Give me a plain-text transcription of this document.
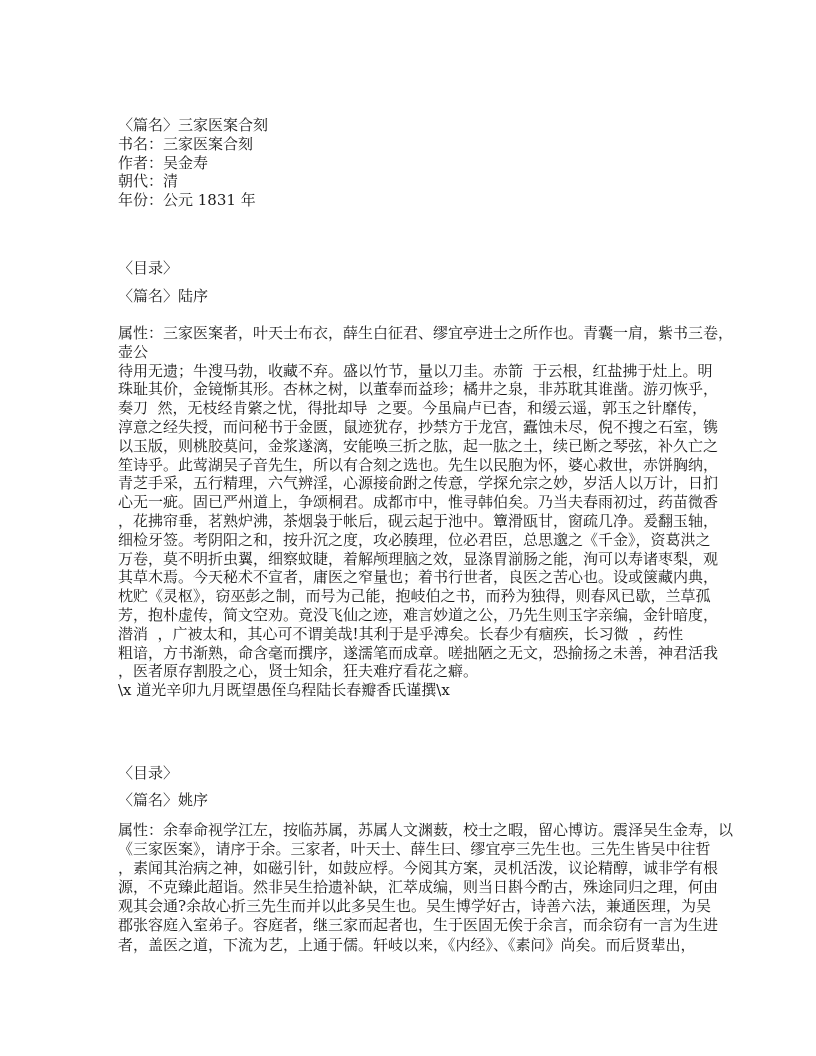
〈篇名〉三家医案合刻
书名：三家医案合刻
作者：吴金寿
朝代：清
年份：公元 1831 年
〈目录〉
〈篇名〉陆序
属性：三家医案者，叶天士布衣，薛生白征君、缪宜亭进士之所作也。青囊一肩，紫书三卷，
壶公
待用无遗；牛溲马勃，收藏不弃。盛以竹节，量以刀圭。赤箭  于云根，红盐拂于灶上。明
珠耻其价，金镜惭其形。杏林之树，以董奉而益珍；橘井之泉，非苏耽其谁凿。游刃恢乎，
奏刀  然，无枝经肯綮之忧，得批却导  之要。今虽扁卢已杳，和缓云遥，郭玉之针靡传，
淳意之经失授，而问秘书于金匮，鼠迹犹存，抄禁方于龙宫，蠹蚀未尽，倪不搜之石室，镌
以玉版，则桃胶莫问，金浆遂漓，安能唤三折之肱，起一肱之土，续已断之琴弦，补久亡之
笙诗乎。此莺湖吴子音先生，所以有合刻之选也。先生以民胞为怀，婆心救世，赤饼胸纳，
青芝手采，五行精理，六气辨淫，心源接俞跗之传意，学探允宗之妙，岁活人以万计，日扪
心无一疵。固已严州道上，争颂桐君。成都市中，惟寻韩伯矣。乃当夫春雨初过，药苗微香
，花拂帘垂，茗熟炉沸，茶烟袅于帐后，砚云起于池中。簟滑瓯甘，窗疏几净。爰翻玉轴，
细检牙签。考阴阳之和，按升沉之度，攻必腠理，位必君臣，总思邈之《千金》，资葛洪之
万卷，莫不明折虫翼，细察蚊睫，着解颅理脑之效，显涤胃湔肠之能，洵可以寿诸枣梨，观
其草木焉。今天秘术不宣者，庸医之窄量也；着书行世者，良医之苦心也。设或箧藏内典，
枕贮《灵枢》，窃巫彭之制，而号为己能，抱岐伯之书，而矜为独得，则春风已歇，兰草孤
芳，抱朴虚传，简文空劝。竟没飞仙之迹，难言妙道之公，乃先生则玉字亲编，金针暗度，
潜消  ，广被太和，其心可不谓美哉!其利于是乎溥矣。长春少有痼疾，长习微  ，药性
粗谙，方书渐熟，命含毫而撰序，遂濡笔而成章。嗟拙陋之无文，恐揄扬之未善，神君活我
，医者原存割股之心，贤士知余，狂夫难疗看花之癖。
\x 道光辛卯九月既望愚侄乌程陆长春瓣香氏谨撰\x
〈目录〉
〈篇名〉姚序
属性：余奉命视学江左，按临苏属，苏属人文渊薮，校士之暇，留心博访。震泽吴生金寿，以
《三家医案》，请序于余。三家者，叶天士、薛生曰、缪宜亭三先生也。三先生皆吴中往哲
，素闻其治病之神，如磁引针，如鼓应桴。今阅其方案，灵机活泼，议论精醇，诚非学有根
源，不克臻此超诣。然非吴生拾遗补缺，汇萃成编，则当日斟今酌古，殊途同归之理，何由
观其会通?余故心折三先生而并以此多吴生也。吴生博学好古，诗善六法，兼通医理，为吴
郡张容庭入室弟子。容庭者，继三家而起者也，生于医固无俟于余言，而余窃有一言为生进
者，盖医之道，下流为艺，上通于儒。轩岐以来，《内经》、《素问》尚矣。而后贤辈出，
